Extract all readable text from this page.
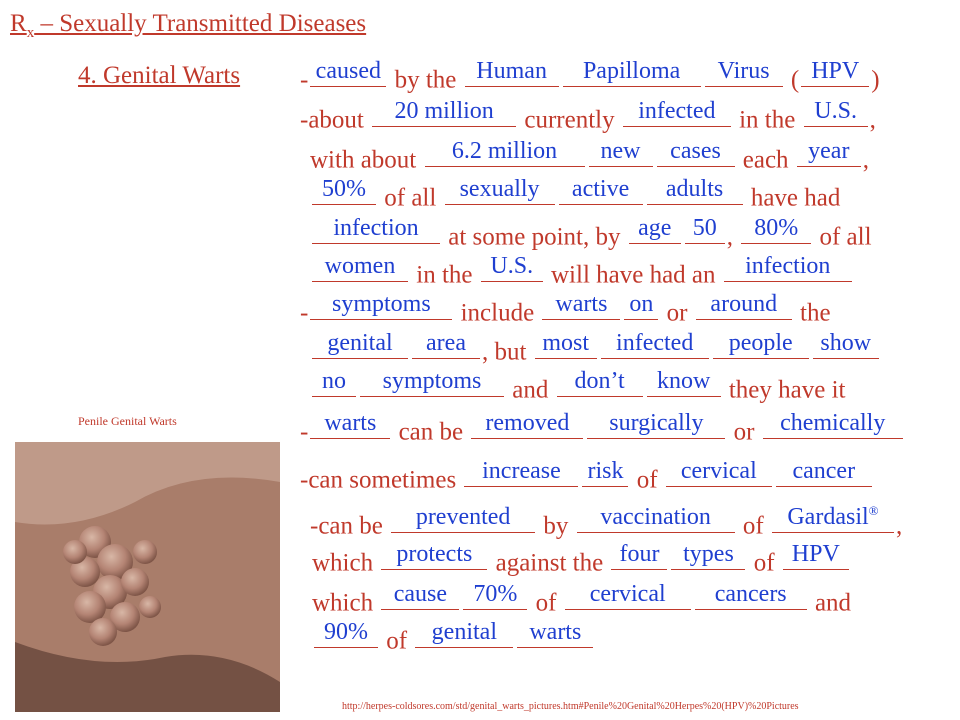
$R_x$ – Sexually Transmitted Diseases
4. Genital Warts - caused by the Human	Papilloma	Virus ( HPV )
-about	20 million currently infected in the U.S. ,
with about	6.2 million	new	cases each year ,
50% of all sexually	active	adults have had
infection at some point, by age 50 , 80% of all
women in the U.S. will have had an infection
- symptoms include warts on or around the
genital	area , but most	infected	people	show
no	symptoms and don’t	know they have it
- warts can be removed	surgically or chemically
-can sometimes increase	risk of cervical	cancer
-can be	prevented	by	vaccination	of Gardasil®
,
which protects against the four types of HPV
which cause	70% of	cervical	cancers and
90% of genital	warts
Penile Genital Warts
http://herpes-coldsores.com/std/genital_warts_pictures.htm#Penile%20Genital%20Herpes%20(HPV)%20Pictures
